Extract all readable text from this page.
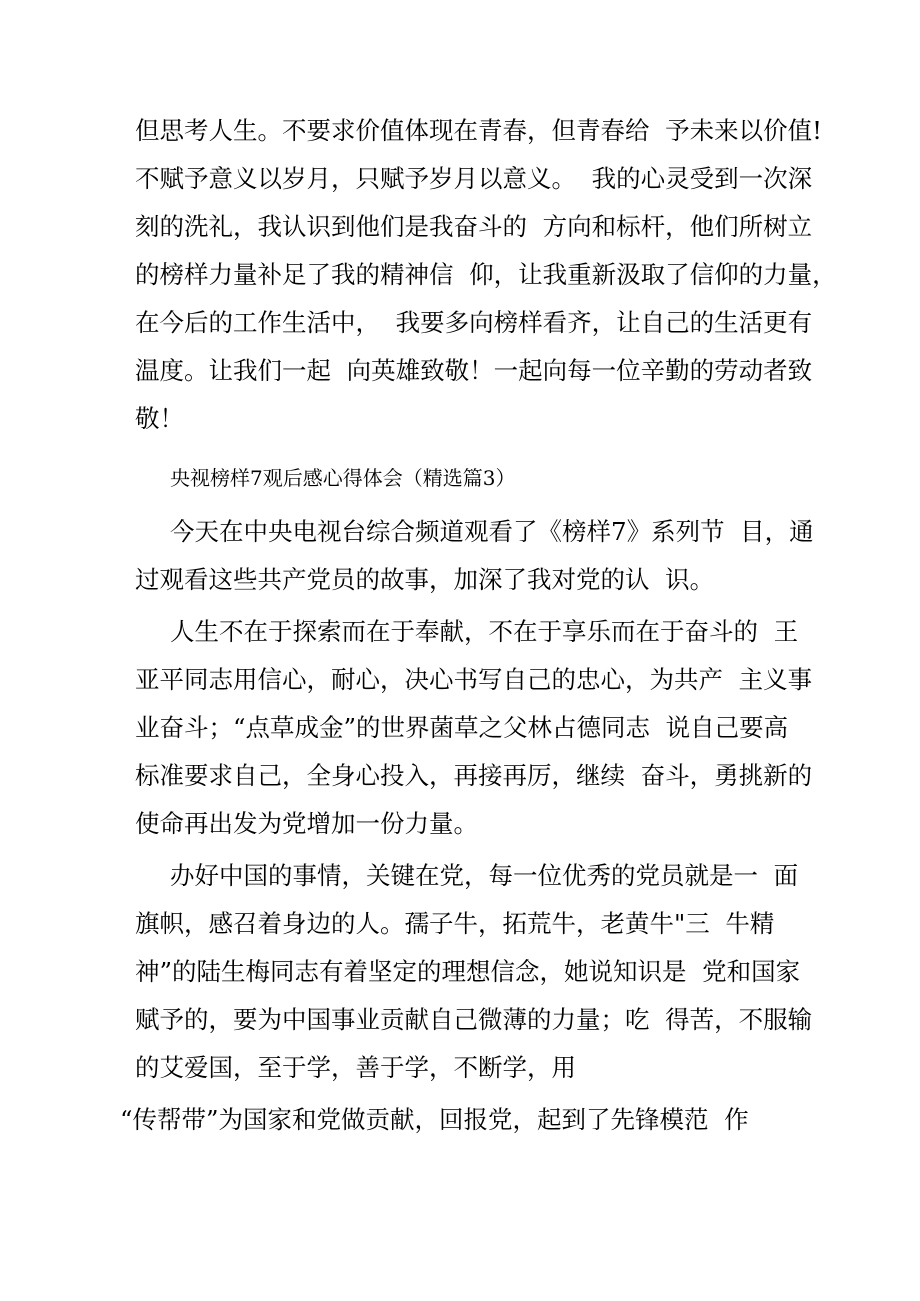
但思考人生。不要求价值体现在青春，但青春给  予未来以价值!
不赋予意义以岁月，只赋予岁月以意义。  我的心灵受到一次深
刻的洗礼，我认识到他们是我奋斗的  方向和标杆，他们所树立
的榜样力量补足了我的精神信  仰，让我重新汲取了信仰的力量，
在今后的工作生活中，  我要多向榜样看齐，让自己的生活更有
温度。让我们一起  向英雄致敬！一起向每一位辛勤的劳动者致
敬！
央视榜样7观后感心得体会（精选篇3）
今天在中央电视台综合频道观看了《榜样7》系列节  目，通
过观看这些共产党员的故事，加深了我对党的认  识。
人生不在于探索而在于奉献，不在于享乐而在于奋斗的  王
亚平同志用信心，耐心，决心书写自己的忠心，为共产  主义事
业奋斗；“点草成金”的世界菌草之父林占德同志  说自己要高
标准要求自己，全身心投入，再接再厉，继续  奋斗，勇挑新的
使命再出发为党增加一份力量。
办好中国的事情，关键在党，每一位优秀的党员就是一  面
旗帜，感召着身边的人。孺子牛，拓荒牛，老黄牛"三  牛精
神”的陆生梅同志有着坚定的理想信念，她说知识是  党和国家
赋予的，要为中国事业贡献自己微薄的力量；吃  得苦，不服输
的艾爱国，至于学，善于学，不断学，用
“传帮带”为国家和党做贡献，回报党，起到了先锋模范  作
